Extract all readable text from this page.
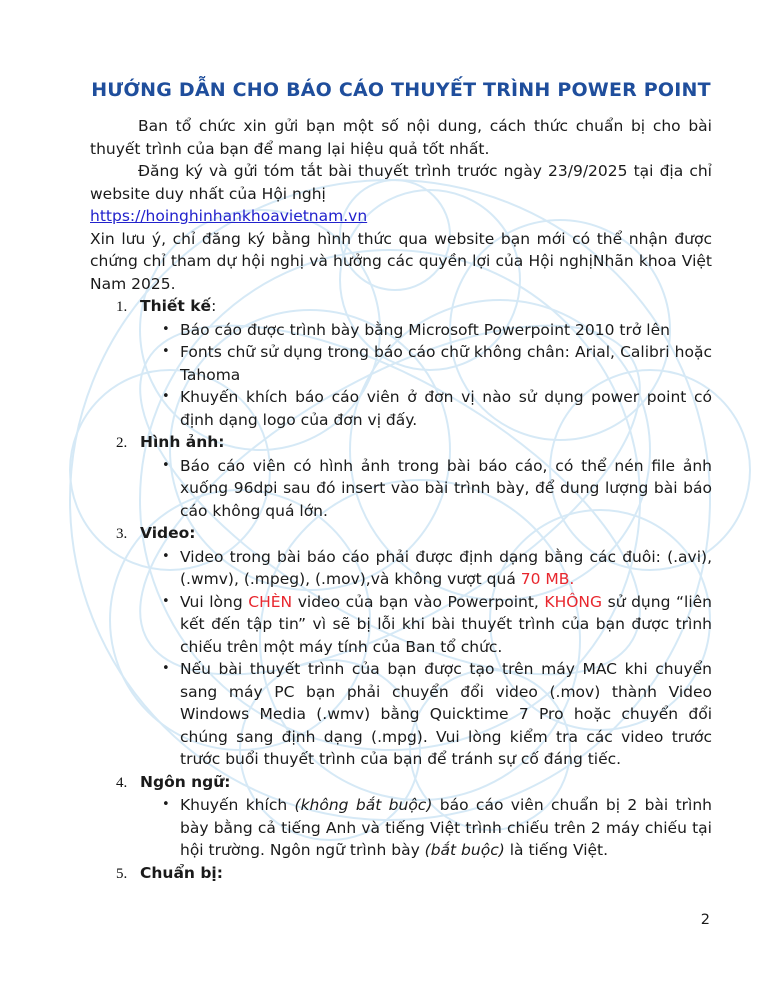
HƯỚNG DẪN CHO BÁO CÁO THUYẾT TRÌNH POWER POINT

Ban tổ chức xin gửi bạn một số nội dung, cách thức chuẩn bị cho bài thuyết trình của bạn để mang lại hiệu quả tốt nhất.

Đăng ký và gửi tóm tắt bài thuyết trình trước ngày 23/9/2025 tại địa chỉ website duy nhất của Hội nghị

https://hoinghinhankhoavietnam.vn

Xin lưu ý, chỉ đăng ký bằng hình thức qua website bạn mới có thể nhận được chứng chỉ tham dự hội nghị và hưởng các quyền lợi của Hội nghịNhãn khoa Việt Nam 2025.

1. Thiết kế:
• Báo cáo được trình bày bằng Microsoft Powerpoint 2010 trở lên
• Fonts chữ sử dụng trong báo cáo chữ không chân: Arial, Calibri hoặc Tahoma
• Khuyến khích báo cáo viên ở đơn vị nào sử dụng power point có định dạng logo của đơn vị đấy.
2. Hình ảnh:
• Báo cáo viên có hình ảnh trong bài báo cáo, có thể nén file ảnh xuống 96dpi sau đó insert vào bài trình bày, để dung lượng bài báo cáo không quá lớn.
3. Video:
• Video trong bài báo cáo phải được định dạng bằng các đuôi: (.avi), (.wmv), (.mpeg), (.mov),và không vượt quá 70 MB.
• Vui lòng CHÈN video của bạn vào Powerpoint, KHÔNG sử dụng “liên kết đến tập tin” vì sẽ bị lỗi khi bài thuyết trình của bạn được trình chiếu trên một máy tính của Ban tổ chức.
• Nếu bài thuyết trình của bạn được tạo trên máy MAC khi chuyển sang máy PC bạn phải chuyển đổi video (.mov) thành Video Windows Media (.wmv) bằng Quicktime 7 Pro hoặc chuyển đổi chúng sang định dạng (.mpg). Vui lòng kiểm tra các video trước trước buổi thuyết trình của bạn để tránh sự cố đáng tiếc.
4. Ngôn ngữ:
• Khuyến khích (không bắt buộc) báo cáo viên chuẩn bị 2 bài trình bày bằng cả tiếng Anh và tiếng Việt trình chiếu trên 2 máy chiếu tại hội trường. Ngôn ngữ trình bày (bắt buộc) là tiếng Việt.
5. Chuẩn bị:
2
